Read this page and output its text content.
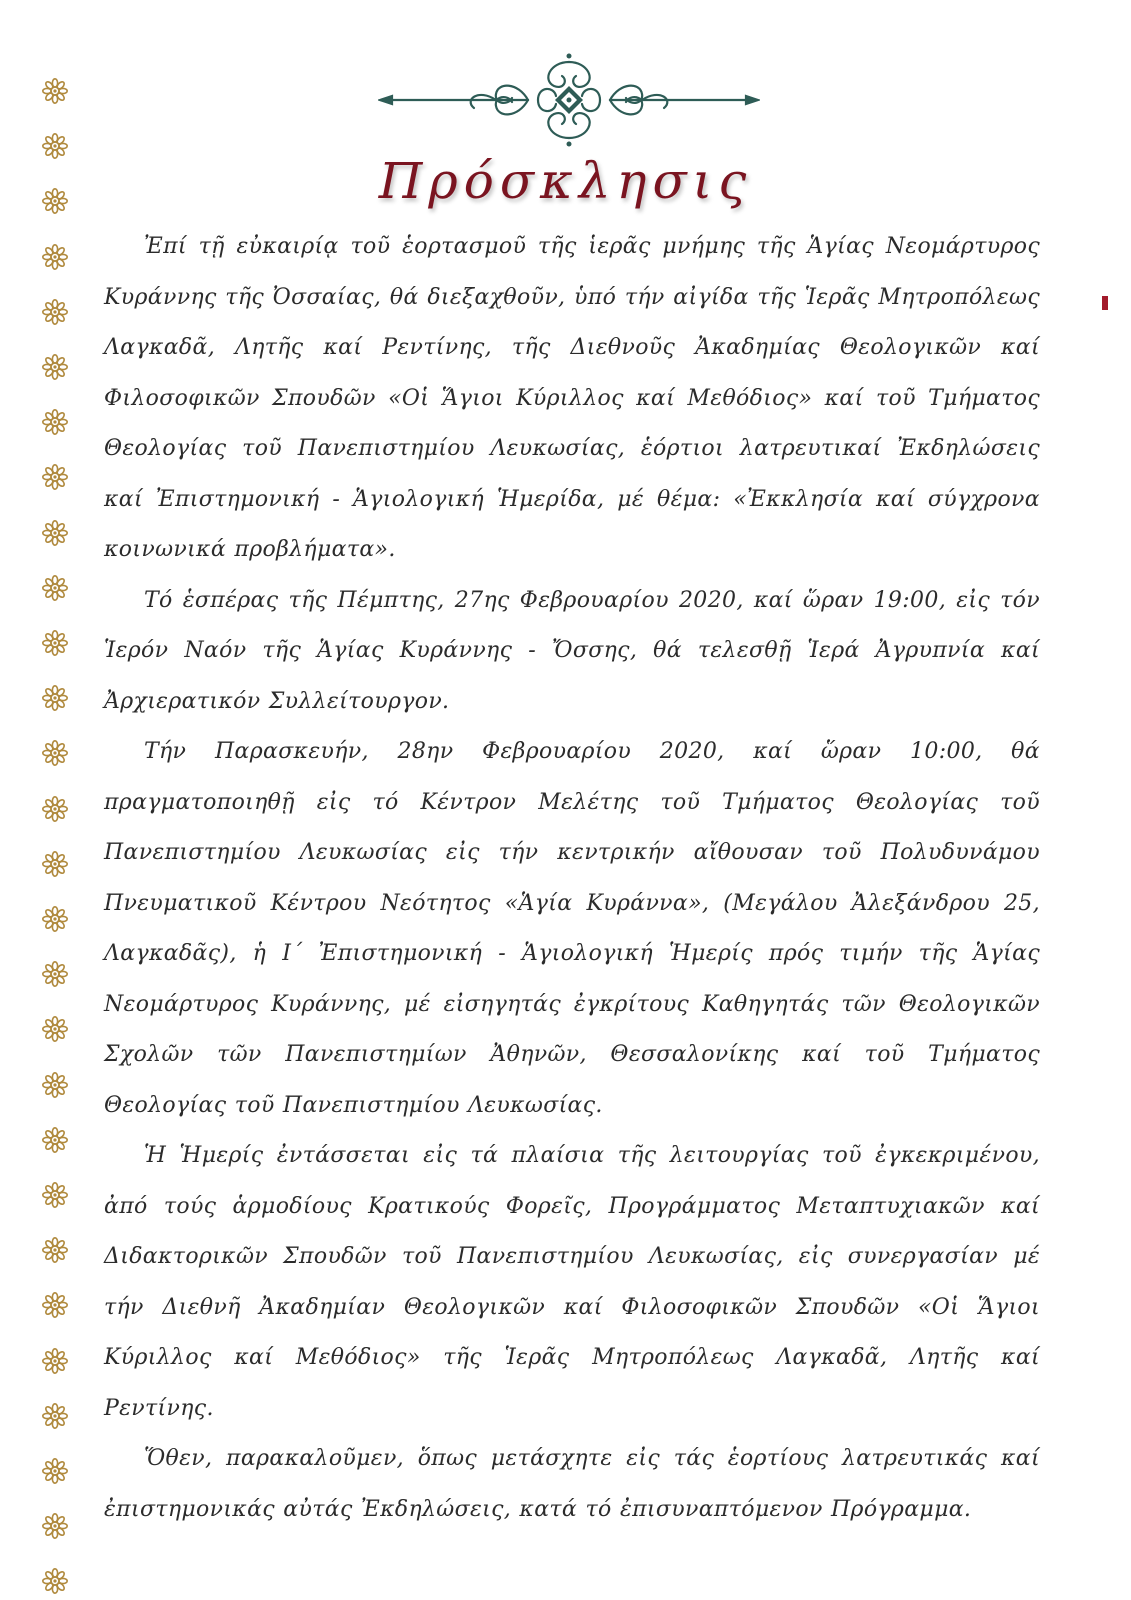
Πρόσκλησις

Ἐπί τῇ εὐκαιρίᾳ τοῦ ἑορτασμοῦ τῆς ἱερᾶς μνήμης τῆς Ἁγίας Νεομάρτυρος Κυράννης τῆς Ὀσσαίας, θά διεξαχθοῦν, ὑπό τήν αἰγίδα τῆς Ἱερᾶς Μητροπόλεως Λαγκαδᾶ, Λητῆς καί Ρεντίνης, τῆς Διεθνοῦς Ἀκαδημίας Θεολογικῶν καί Φιλοσοφικῶν Σπουδῶν «Οἱ Ἅγιοι Κύριλλος καί Μεθόδιος» καί τοῦ Τμήματος Θεολογίας τοῦ Πανεπιστημίου Λευκωσίας, ἑόρτιοι λατρευτικαί Ἐκδηλώσεις καί Ἐπιστημονική - Ἁγιολογική Ἡμερίδα, μέ θέμα: «Ἐκκλησία καί σύγχρονα κοινωνικά προβλήματα».

Τό ἑσπέρας τῆς Πέμπτης, 27ης Φεβρουαρίου 2020, καί ὥραν 19:00, εἰς τόν Ἱερόν Ναόν τῆς Ἁγίας Κυράννης - Ὄσσης, θά τελεσθῇ Ἱερά Ἀγρυπνία καί Ἀρχιερατικόν Συλλείτουργον.

Τήν Παρασκευήν, 28ην Φεβρουαρίου 2020, καί ὥραν 10:00, θά πραγματοποιηθῇ εἰς τό Κέντρον Μελέτης τοῦ Τμήματος Θεολογίας τοῦ Πανεπιστημίου Λευκωσίας εἰς τήν κεντρικήν αἴθουσαν τοῦ Πολυδυνάμου Πνευματικοῦ Κέντρου Νεότητος «Ἁγία Κυράννα», (Μεγάλου Ἀλεξάνδρου 25, Λαγκαδᾶς), ἡ Ι΄ Ἐπιστημονική - Ἁγιολογική Ἡμερίς πρός τιμήν τῆς Ἁγίας Νεομάρτυρος Κυράννης, μέ εἰσηγητάς ἐγκρίτους Καθηγητάς τῶν Θεολογικῶν Σχολῶν τῶν Πανεπιστημίων Ἀθηνῶν, Θεσσαλονίκης καί τοῦ Τμήματος Θεολογίας τοῦ Πανεπιστημίου Λευκωσίας.

Ἡ Ἡμερίς ἐντάσσεται εἰς τά πλαίσια τῆς λειτουργίας τοῦ ἐγκεκριμένου, ἀπό τούς ἁρμοδίους Κρατικούς Φορεῖς, Προγράμματος Μεταπτυχιακῶν καί Διδακτορικῶν Σπουδῶν τοῦ Πανεπιστημίου Λευκωσίας, εἰς συνεργασίαν μέ τήν Διεθνῆ Ἀκαδημίαν Θεολογικῶν καί Φιλοσοφικῶν Σπουδῶν «Οἱ Ἅγιοι Κύριλλος καί Μεθόδιος» τῆς Ἱερᾶς Μητροπόλεως Λαγκαδᾶ, Λητῆς καί Ρεντίνης.

Ὅθεν, παρακαλοῦμεν, ὅπως μετάσχητε εἰς τάς ἑορτίους λατρευτικάς καί ἐπιστημονικάς αὐτάς Ἐκδηλώσεις, κατά τό ἐπισυναπτόμενον Πρόγραμμα.
